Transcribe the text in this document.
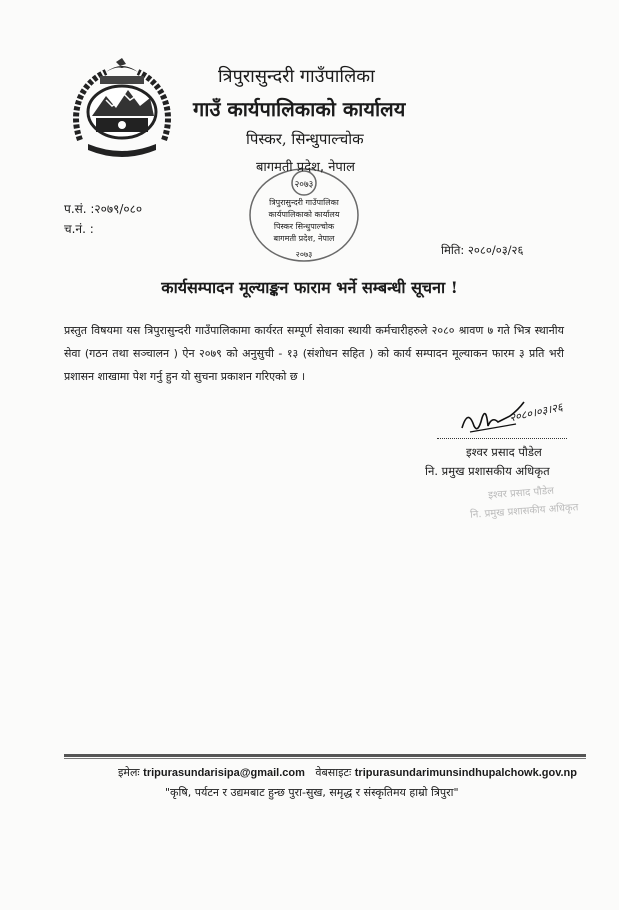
त्रिपुरासुन्दरी गाउँपालिका
गाउँ कार्यपालिकाको कार्यालय
पिस्कर, सिन्धुपाल्चोक
बागमती प्रदेश, नेपाल
२०७३
त्रिपुरासुन्दरी गाउँपालिका
कार्यपालिकाको कार्यालय
पिस्कर सिन्धुपाल्चोक
बागमती प्रदेश, नेपाल
२०७३
प.सं. :२०७९/०८०
च.नं. :
मिति: २०८०/०३/२६
कार्यसम्पादन मूल्याङ्कन फाराम भर्ने सम्बन्धी सूचना !
प्रस्तुत विषयमा यस त्रिपुरासुन्दरी गाउँपालिकामा कार्यरत सम्पूर्ण सेवाका स्थायी कर्मचारीहरुले २०८० श्रावण ७ गते भित्र स्थानीय सेवा (गठन तथा सञ्चालन ) ऐन २०७९ को अनुसुची - १३ (संशोधन सहित ) को कार्य सम्पादन मूल्याकन फारम ३ प्रति भरी प्रशासन शाखामा पेश गर्नु हुन यो सुचना प्रकाशन गरिएको छ ।
२०८०।०३।२६
इश्वर प्रसाद पौडेल
नि. प्रमुख प्रशासकीय अधिकृत
इश्वर प्रसाद पौडेल
नि. प्रमुख प्रशासकीय अधिकृत
इमेलः tripurasundarisipa@gmail.com वेबसाइटः tripurasundarimunsindhupalchowk.gov.np
"कृषि, पर्यटन र उद्यमबाट हुन्छ पुरा-सुख, समृद्ध र संस्कृतिमय हाम्रो त्रिपुरा"
